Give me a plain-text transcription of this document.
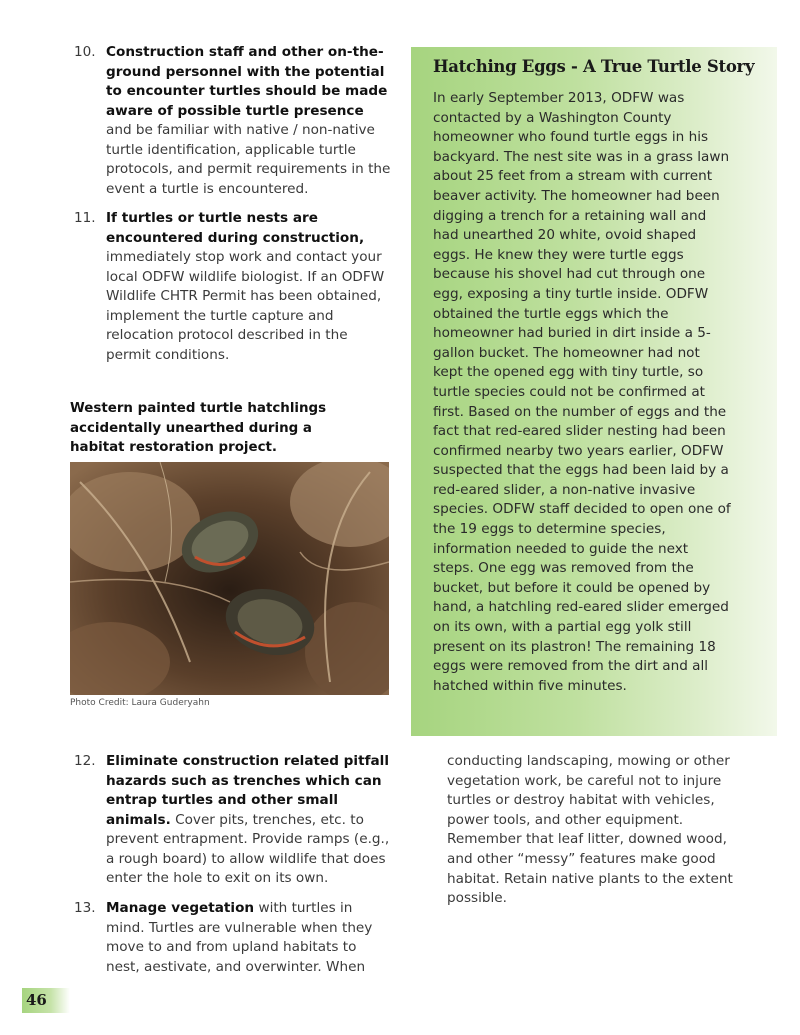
10. Construction staff and other on-the-ground personnel with the potential to encounter turtles should be made aware of possible turtle presence and be familiar with native / non-native turtle identification, applicable turtle protocols, and permit requirements in the event a turtle is encountered.
11. If turtles or turtle nests are encountered during construction, immediately stop work and contact your local ODFW wildlife biologist. If an ODFW Wildlife CHTR Permit has been obtained, implement the turtle capture and relocation protocol described in the permit conditions.
Western painted turtle hatchlings accidentally unearthed during a habitat restoration project.
Photo Credit: Laura Guderyahn
Hatching Eggs - A True Turtle Story

In early September 2013, ODFW was contacted by a Washington County homeowner who found turtle eggs in his backyard. The nest site was in a grass lawn about 25 feet from a stream with current beaver activity. The homeowner had been digging a trench for a retaining wall and had unearthed 20 white, ovoid shaped eggs. He knew they were turtle eggs because his shovel had cut through one egg, exposing a tiny turtle inside. ODFW obtained the turtle eggs which the homeowner had buried in dirt inside a 5-gallon bucket. The homeowner had not kept the opened egg with tiny turtle, so turtle species could not be confirmed at first. Based on the number of eggs and the fact that red-eared slider nesting had been confirmed nearby two years earlier, ODFW suspected that the eggs had been laid by a red-eared slider, a non-native invasive species. ODFW staff decided to open one of the 19 eggs to determine species, information needed to guide the next steps. One egg was removed from the bucket, but before it could be opened by hand, a hatchling red-eared slider emerged on its own, with a partial egg yolk still present on its plastron! The remaining 18 eggs were removed from the dirt and all hatched within five minutes.

12. Eliminate construction related pitfall hazards such as trenches which can entrap turtles and other small animals. Cover pits, trenches, etc. to prevent entrapment. Provide ramps (e.g., a rough board) to allow wildlife that does enter the hole to exit on its own.
13. Manage vegetation with turtles in mind. Turtles are vulnerable when they move to and from upland habitats to nest, aestivate, and overwinter. When

conducting landscaping, mowing or other vegetation work, be careful not to injure turtles or destroy habitat with vehicles, power tools, and other equipment. Remember that leaf litter, downed wood, and other “messy” features make good habitat. Retain native plants to the extent possible.

46
